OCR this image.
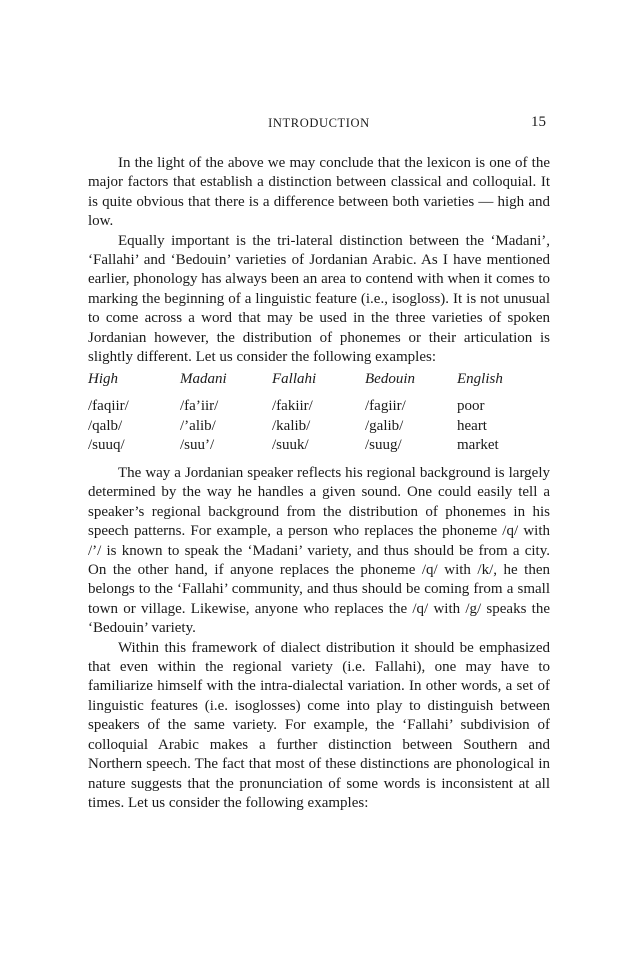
INTRODUCTION	15

In the light of the above we may conclude that the lexicon is one of the major factors that establish a distinction between classical and colloquial. It is quite obvious that there is a difference between both varieties — high and low.

Equally important is the tri-lateral distinction between the ‘Madani’, ‘Fallahi’ and ‘Bedouin’ varieties of Jordanian Arabic. As I have mentioned earlier, phonology has always been an area to contend with when it comes to marking the beginning of a linguistic feature (i.e., isogloss). It is not unusual to come across a word that may be used in the three varieties of spoken Jordanian however, the distribution of phonemes or their articulation is slightly different. Let us consider the following examples:

High	Madani	Fallahi	Bedouin	English
/faqiir/	/fa’iir/	/fakiir/	/fagiir/	poor
/qalb/	/’alib/	/kalib/	/galib/	heart
/suuq/	/suu’/	/suuk/	/suug/	market

The way a Jordanian speaker reflects his regional background is largely determined by the way he handles a given sound. One could easily tell a speaker’s regional background from the distribution of phonemes in his speech patterns. For example, a person who replaces the phoneme /q/ with /’/ is known to speak the ‘Madani’ variety, and thus should be from a city. On the other hand, if anyone replaces the phoneme /q/ with /k/, he then belongs to the ‘Fallahi’ community, and thus should be coming from a small town or village. Likewise, anyone who replaces the /q/ with /g/ speaks the ‘Bedouin’ variety.

Within this framework of dialect distribution it should be emphasized that even within the regional variety (i.e. Fallahi), one may have to familiarize himself with the intra-dialectal variation. In other words, a set of linguistic features (i.e. isoglosses) come into play to distinguish between speakers of the same variety. For example, the ‘Fallahi’ subdivision of colloquial Arabic makes a further distinction between Southern and Northern speech. The fact that most of these distinctions are phonological in nature suggests that the pronunciation of some words is inconsistent at all times. Let us consider the following examples:
